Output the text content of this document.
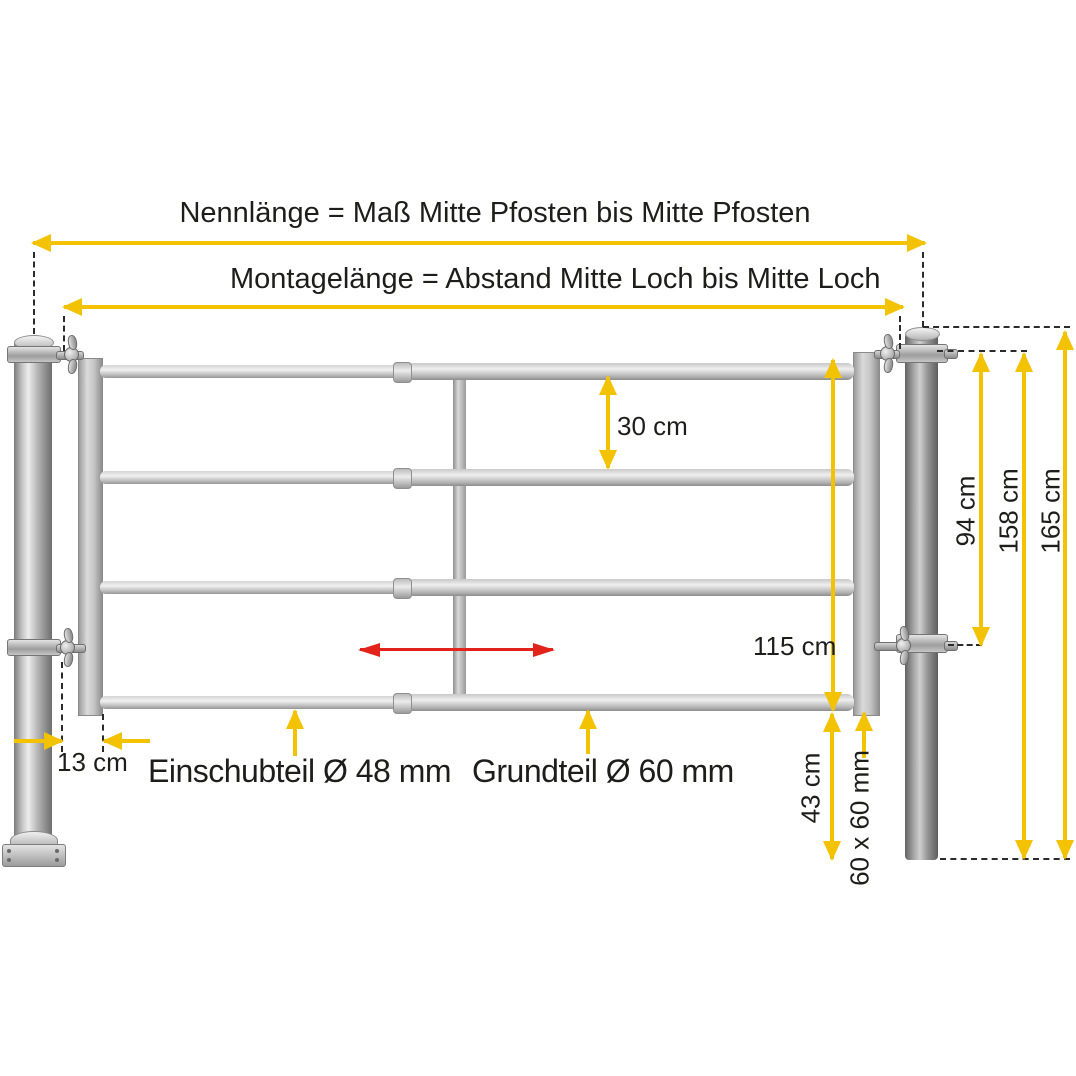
Nennlänge = Maß Mitte Pfosten bis Mitte Pfosten
Montagelänge = Abstand Mitte Loch bis Mitte Loch
30 cm
115 cm
94 cm 158 cm 165 cm
43 cm 60 x 60 mm
13 cm Einschubteil Ø 48 mm Grundteil Ø 60 mm
